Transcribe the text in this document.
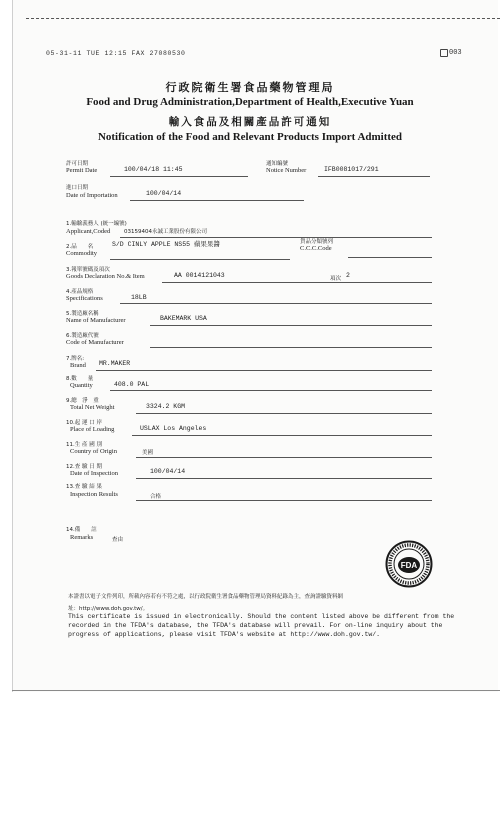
05-31-11 TUE 12:15 FAX 27080530	003
行政院衛生署食品藥物管理局
Food and Drug Administration,Department of Health,Executive Yuan
輸入食品及相關產品許可通知
Notification of the Food and Relevant Products Import Admitted
許可日期
Permit Date	100/04/18 11:45
通知編號
Notice Number	IFB0081017/291
進口日期
Date of Importation	100/04/14
1.輸驗義務人 (統一編號)
Applicant,Coded	03159404永誠工業股份有限公司
2.品　　名
Commodity
S/D CINLY APPLE NS55 蘋果果醬	貨品分類號列
C.C.C.Code
3.報單號碼及項次
Goods Declaration No.& Item	AA 0014121043	項次 2
4.產品規格
Specifications	18LB
5.製造廠名稱
Name of Manufacturer	BAKEMARK USA
6.製造廠代號
Code of Manufacturer
7.牌名:
Brand MR.MAKER
8.數　　量
Quantity	408.0 PAL
9.總　淨　重
Total Net Weight	3324.2 KGM
10.起 運 口 岸
Place of Loading	USLAX Los Angeles
11.生 產 國 別
Country of Origin	美國
12.查 驗 日 期
Date of Inspection	100/04/14
13.查 驗 結 果
Inspection Results	合格
14.備　　註
Remarks	查由
FDA
本證書以電子文件列印，所載內容若有不符之處，以行政院衛生署食品藥物管理局資料紀錄為主，查詢證驗資料網
址：http://www.doh.gov.tw/。
This certificate is issued in electronically. Should the content listed above be different from the
recorded in the TFDA's database, the TFDA's database will prevail. For on-line inquiry about the
progress of applications, please visit TFDA's website at http://www.doh.gov.tw/.
